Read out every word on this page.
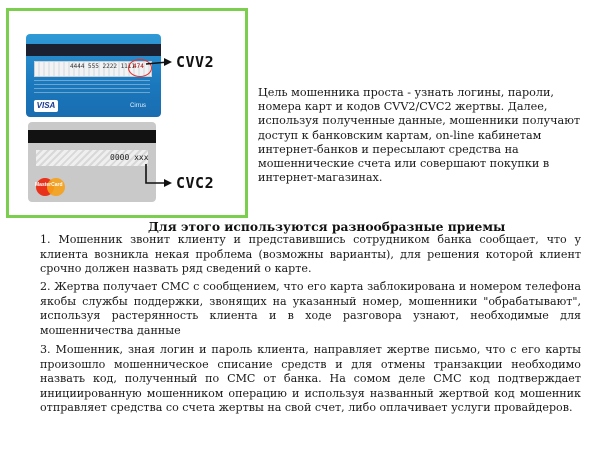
4444 555 2222 1111
474
VISA	Cirrus
0000 xxx
MasterCard
CVV2
CVC2
Цель мошенника проста - узнать логины, пароли, номера карт и кодов CVV2/CVC2 жертвы. Далее, используя полученные данные, мошенники получают доступ к банковским картам, on-line кабинетам интернет-банков и пересылают средства на мошеннические счета или совершают покупки в интернет-магазинах.
Для этого используются разнообразные приемы
1. Мошенник звонит клиенту и представившись сотрудником банка сообщает, что у клиента возникла некая проблема (возможны варианты), для решения которой клиент срочно должен назвать ряд сведений о карте.
2. Жертва получает СМС с сообщением, что его карта заблокирована и номером телефона якобы службы поддержки, звонящих на указанный номер, мошенники "обрабатывают", используя растерянность клиента и в ходе разговора узнают, необходимые для мошенничества данные
3. Мошенник, зная логин и пароль клиента, направляет жертве письмо, что с его карты произошло мошенническое списание средств и для отмены транзакции необходимо назвать код, полученный по СМС от банка. На сомом деле СМС код подтверждает инициированную мошенником операцию и используя названный жертвой код мошенник отправляет средства со счета жертвы на свой счет, либо оплачивает услуги провайдеров.
